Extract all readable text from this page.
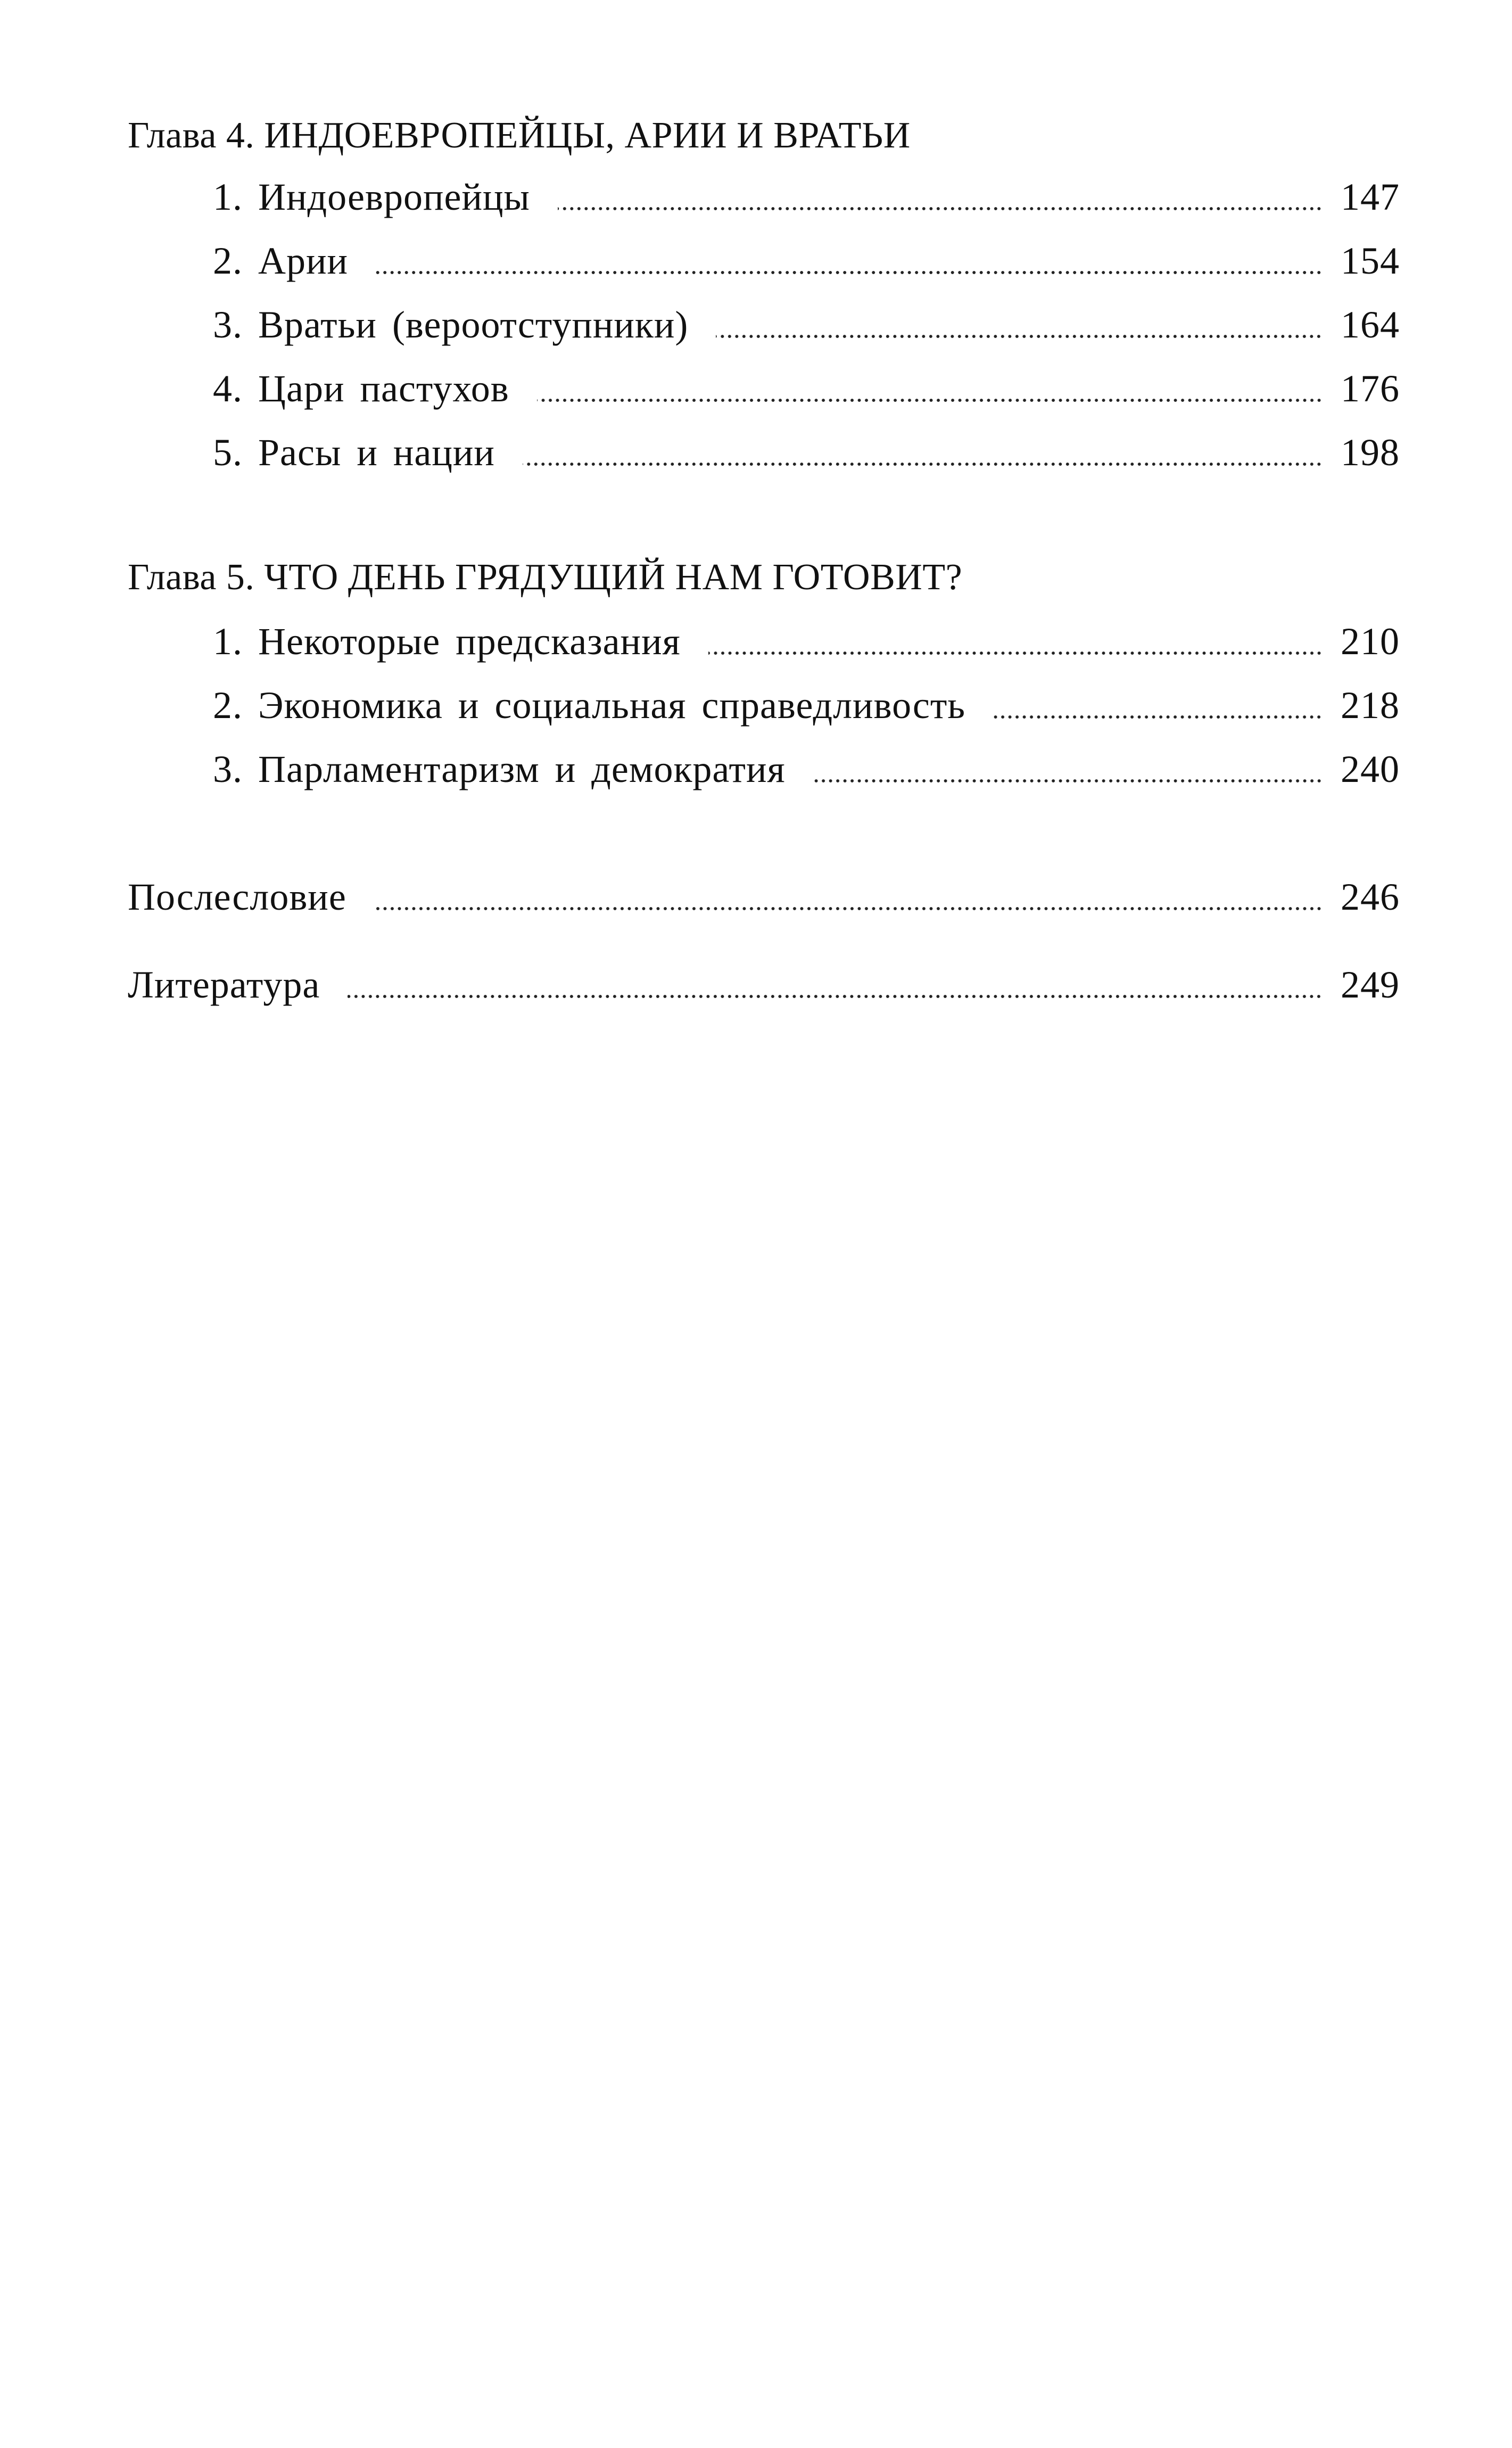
Глава 4. ИНДОЕВРОПЕЙЦЫ, АРИИ И ВРАТЬИ
1. Индоевропейцы	147
2. Арии	154
3. Вратьи (вероотступники)	164
4. Цари пастухов	176
5. Расы и нации	198
Глава 5. ЧТО ДЕНЬ ГРЯДУЩИЙ НАМ ГОТОВИТ?
1. Некоторые предсказания	210
2. Экономика и социальная справедливость	218
3. Парламентаризм и демократия	240
Послесловие	246
Литература	249
